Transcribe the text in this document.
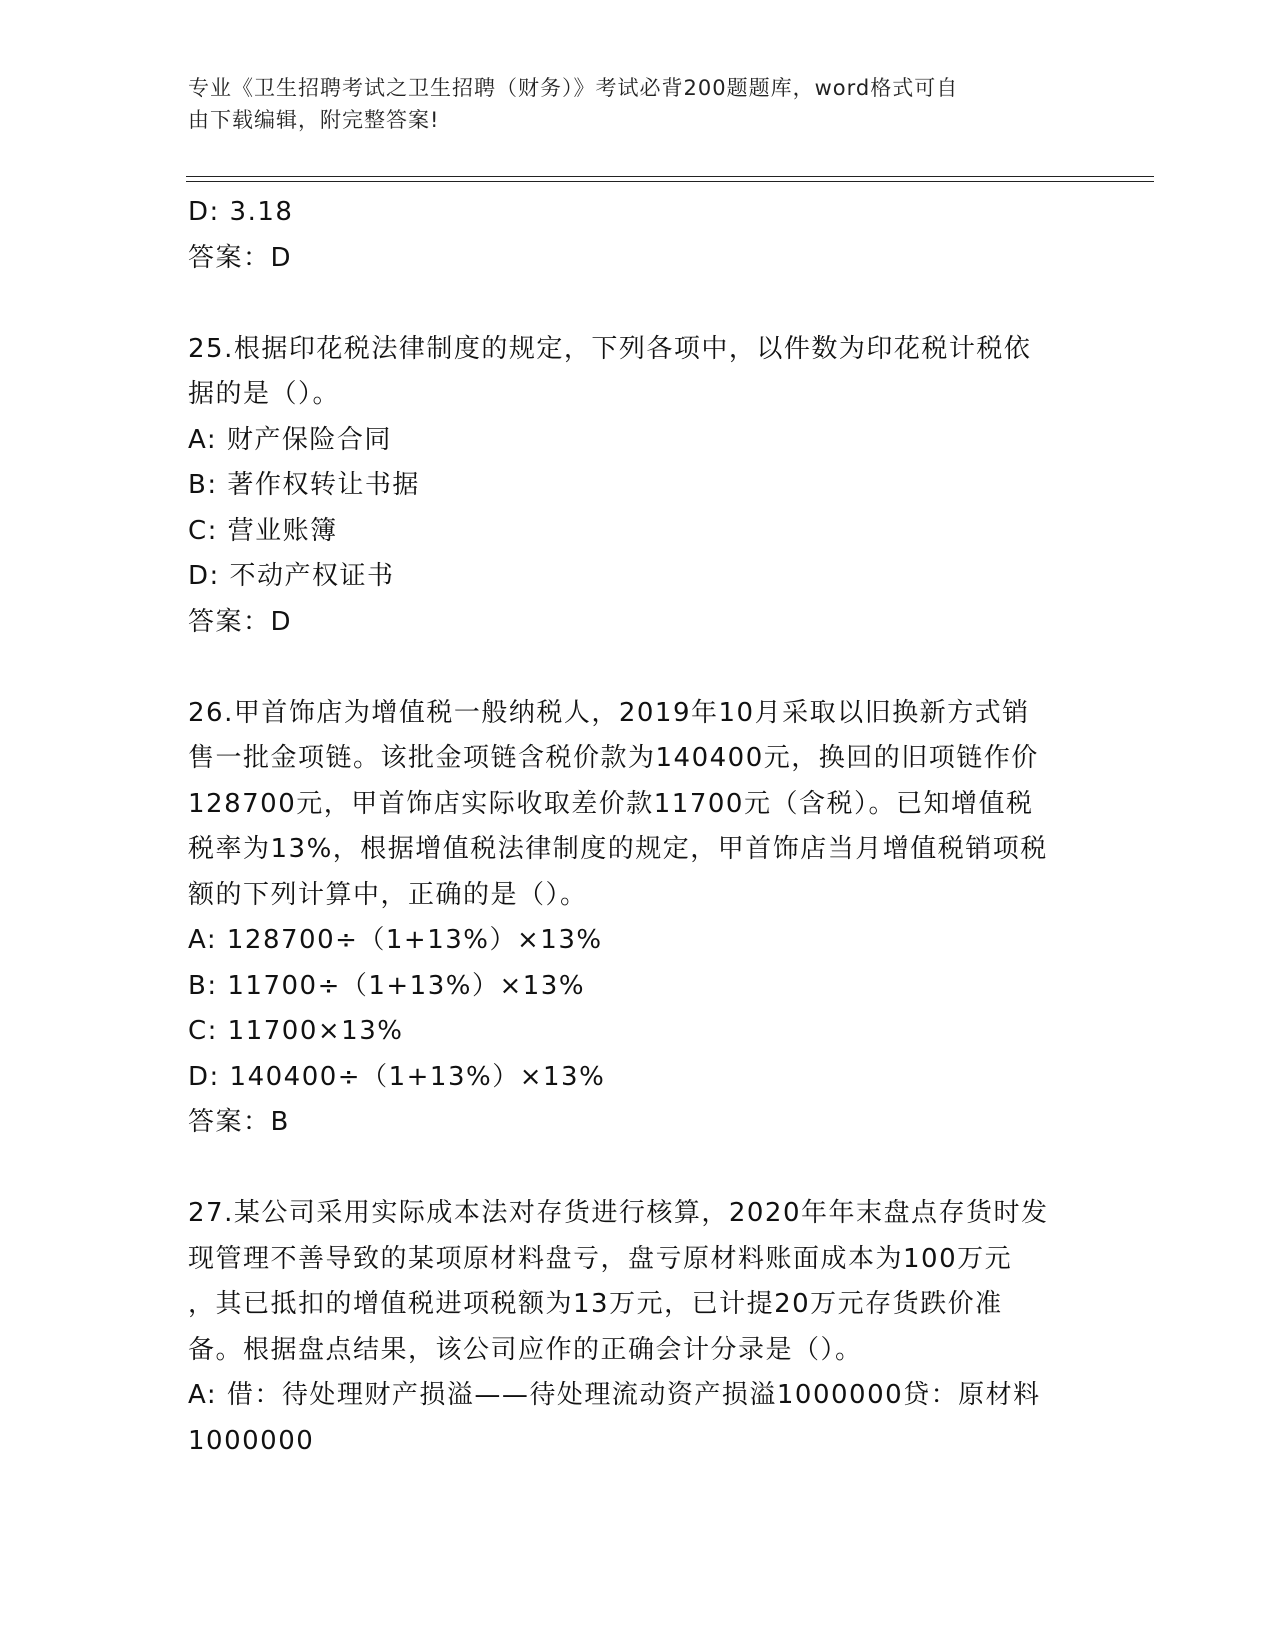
专业《卫生招聘考试之卫生招聘（财务）》考试必背200题题库，word格式可自
由下载编辑，附完整答案!
D: 3.18
答案：D
25.根据印花税法律制度的规定，下列各项中，以件数为印花税计税依
据的是（）。
A: 财产保险合同
B: 著作权转让书据
C: 营业账簿
D: 不动产权证书
答案：D
26.甲首饰店为增值税一般纳税人，2019年10月采取以旧换新方式销
售一批金项链。该批金项链含税价款为140400元，换回的旧项链作价
128700元，甲首饰店实际收取差价款11700元（含税）。已知增值税
税率为13%，根据增值税法律制度的规定，甲首饰店当月增值税销项税
额的下列计算中，正确的是（）。
A: 128700÷（1+13%）×13%
B: 11700÷（1+13%）×13%
C: 11700×13%
D: 140400÷（1+13%）×13%
答案：B
27.某公司采用实际成本法对存货进行核算，2020年年末盘点存货时发
现管理不善导致的某项原材料盘亏，盘亏原材料账面成本为100万元
，其已抵扣的增值税进项税额为13万元，已计提20万元存货跌价准
备。根据盘点结果，该公司应作的正确会计分录是（）。
A: 借：待处理财产损溢——待处理流动资产损溢1000000贷：原材料
1000000
